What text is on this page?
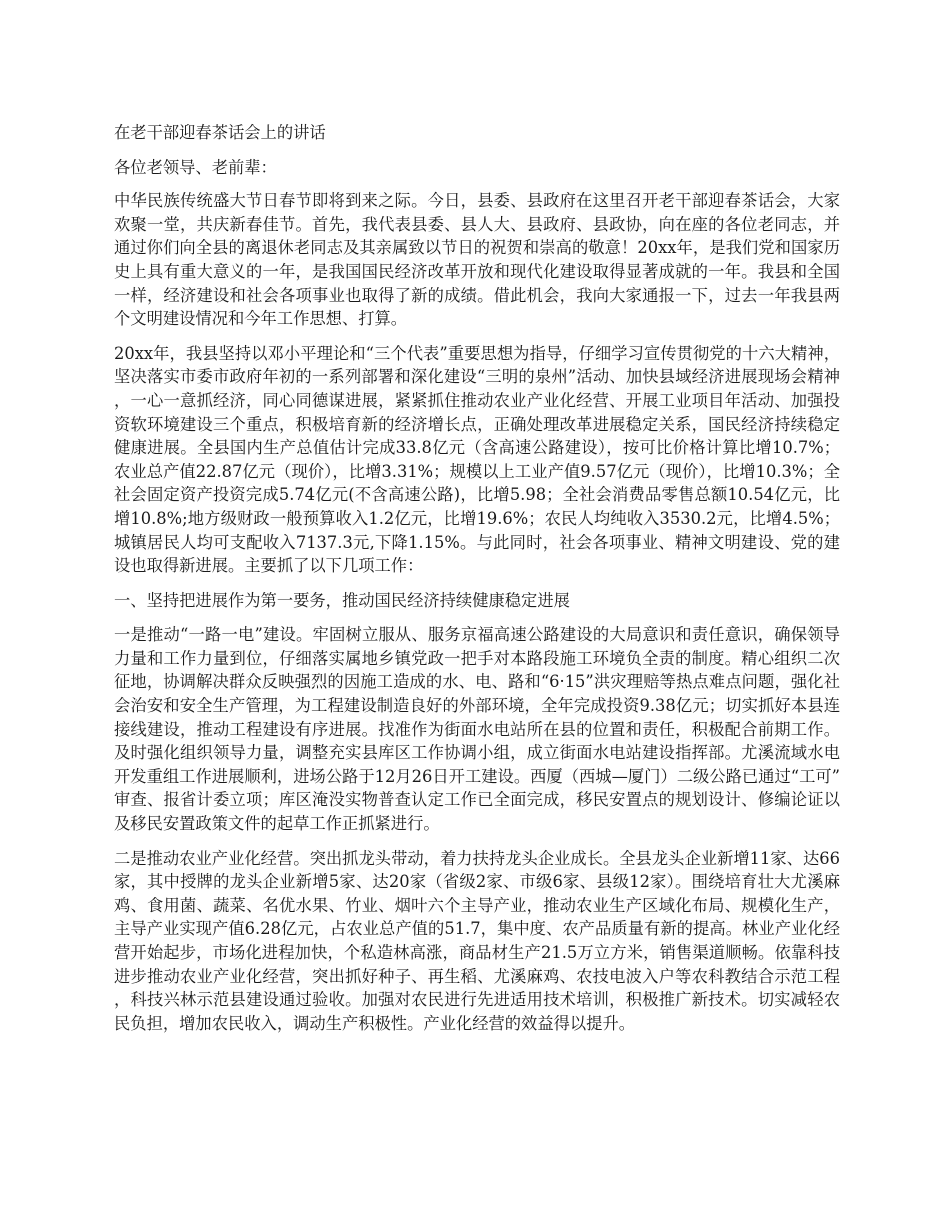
在老干部迎春茶话会上的讲话

各位老领导、老前辈：

中华民族传统盛大节日春节即将到来之际。今日，县委、县政府在这里召开老干部迎春茶话会，大家欢聚一堂，共庆新春佳节。首先，我代表县委、县人大、县政府、县政协，向在座的各位老同志，并通过你们向全县的离退休老同志及其亲属致以节日的祝贺和崇高的敬意！20xx年，是我们党和国家历史上具有重大意义的一年，是我国国民经济改革开放和现代化建设取得显著成就的一年。我县和全国一样，经济建设和社会各项事业也取得了新的成绩。借此机会，我向大家通报一下，过去一年我县两个文明建设情况和今年工作思想、打算。

20xx年，我县坚持以邓小平理论和“三个代表”重要思想为指导，仔细学习宣传贯彻党的十六大精神，坚决落实市委市政府年初的一系列部署和深化建设“三明的泉州”活动、加快县域经济进展现场会精神，一心一意抓经济，同心同德谋进展，紧紧抓住推动农业产业化经营、开展工业项目年活动、加强投资软环境建设三个重点，积极培育新的经济增长点，正确处理改革进展稳定关系，国民经济持续稳定健康进展。全县国内生产总值估计完成33.8亿元（含高速公路建设），按可比价格计算比增10.7%；农业总产值22.87亿元（现价），比增3.31%；规模以上工业产值9.57亿元（现价），比增10.3%；全社会固定资产投资完成5.74亿元(不含高速公路)，比增5.98；全社会消费品零售总额10.54亿元，比增10.8%;地方级财政一般预算收入1.2亿元，比增19.6%；农民人均纯收入3530.2元，比增4.5%；城镇居民人均可支配收入7137.3元,下降1.15%。与此同时，社会各项事业、精神文明建设、党的建设也取得新进展。主要抓了以下几项工作：

一、坚持把进展作为第一要务，推动国民经济持续健康稳定进展

一是推动“一路一电”建设。牢固树立服从、服务京福高速公路建设的大局意识和责任意识，确保领导力量和工作力量到位，仔细落实属地乡镇党政一把手对本路段施工环境负全责的制度。精心组织二次征地，协调解决群众反映强烈的因施工造成的水、电、路和“6·15”洪灾理赔等热点难点问题，强化社会治安和安全生产管理，为工程建设制造良好的外部环境，全年完成投资9.38亿元；切实抓好本县连接线建设，推动工程建设有序进展。找准作为街面水电站所在县的位置和责任，积极配合前期工作。及时强化组织领导力量，调整充实县库区工作协调小组，成立街面水电站建设指挥部。尤溪流域水电开发重组工作进展顺利，进场公路于12月26日开工建设。西厦（西城—厦门）二级公路已通过“工可”审查、报省计委立项；库区淹没实物普查认定工作已全面完成，移民安置点的规划设计、修编论证以及移民安置政策文件的起草工作正抓紧进行。

二是推动农业产业化经营。突出抓龙头带动，着力扶持龙头企业成长。全县龙头企业新增11家、达66家，其中授牌的龙头企业新增5家、达20家（省级2家、市级6家、县级12家）。围绕培育壮大尤溪麻鸡、食用菌、蔬菜、名优水果、竹业、烟叶六个主导产业，推动农业生产区域化布局、规模化生产，主导产业实现产值6.28亿元，占农业总产值的51.7，集中度、农产品质量有新的提高。林业产业化经营开始起步，市场化进程加快，个私造林高涨，商品材生产21.5万立方米，销售渠道顺畅。依靠科技进步推动农业产业化经营，突出抓好种子、再生稻、尤溪麻鸡、农技电波入户等农科教结合示范工程，科技兴林示范县建设通过验收。加强对农民进行先进适用技术培训，积极推广新技术。切实减轻农民负担，增加农民收入，调动生产积极性。产业化经营的效益得以提升。
